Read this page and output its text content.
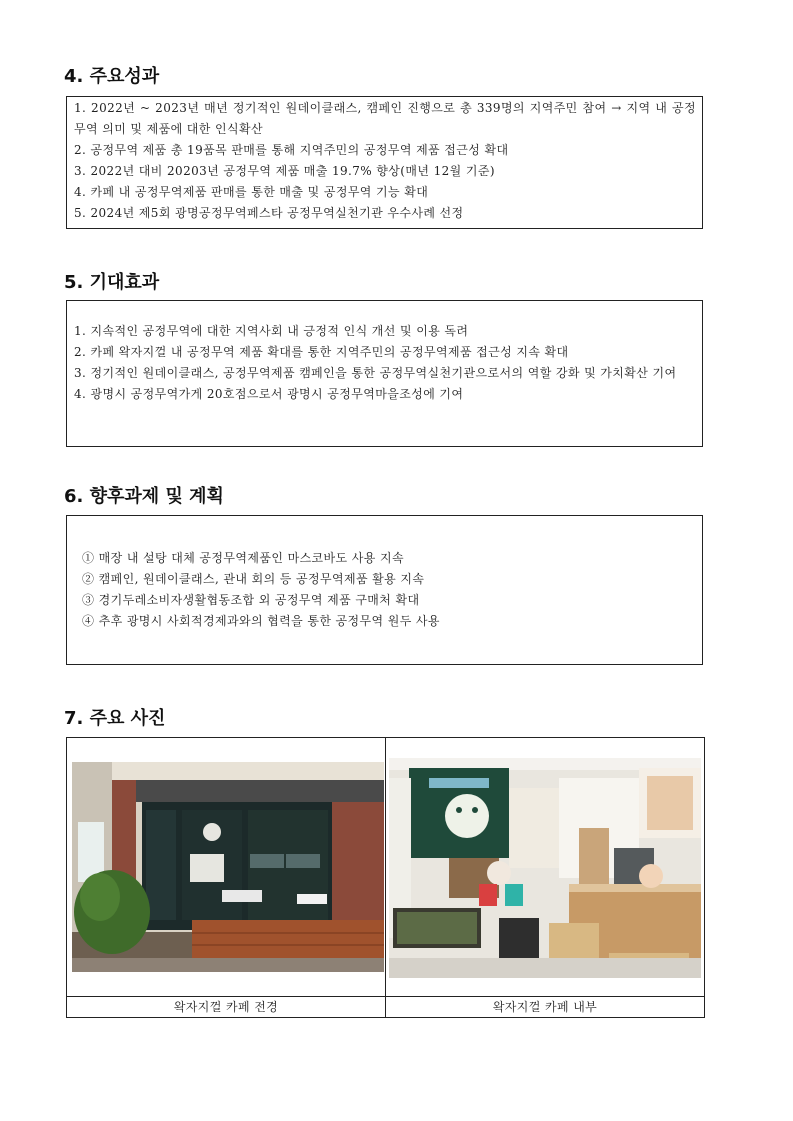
4. 주요성과
1. 2022년 ~ 2023년 매년 정기적인 원데이클래스, 캠페인 진행으로 총 339명의 지역주민 참여 → 지역 내 공정무역 의미 및 제품에 대한 인식확산
2. 공정무역 제품 총 19품목 판매를 통해 지역주민의 공정무역 제품 접근성 확대
3. 2022년 대비 20203년 공정무역 제품 매출 19.7% 향상(매년 12월 기준)
4. 카페 내 공정무역제품 판매를 통한 매출 및 공정무역 기능 확대
5. 2024년 제5회 광명공정무역페스타 공정무역실천기관 우수사례 선정
5. 기대효과
1. 지속적인 공정무역에 대한 지역사회 내 긍정적 인식 개선 및 이용 독려
2. 카페 왁자지껄 내 공정무역 제품 확대를 통한 지역주민의 공정무역제품 접근성 지속 확대
3. 정기적인 원데이클래스, 공정무역제품 캠페인을 통한 공정무역실천기관으로서의 역할 강화 및 가치확산 기여
4. 광명시 공정무역가게 20호점으로서 광명시 공정무역마을조성에 기여
6. 향후과제 및 계획
① 매장 내 설탕 대체 공정무역제품인 마스코바도 사용 지속
② 캠페인, 원데이클래스, 관내 회의 등 공정무역제품 활용 지속
③ 경기두레소비자생활협동조합 외 공정무역 제품 구매처 확대
④ 추후 광명시 사회적경제과와의 협력을 통한 공정무역 원두 사용
7. 주요 사진
왁자지껄 카페 전경	왁자지껄 카페 내부
